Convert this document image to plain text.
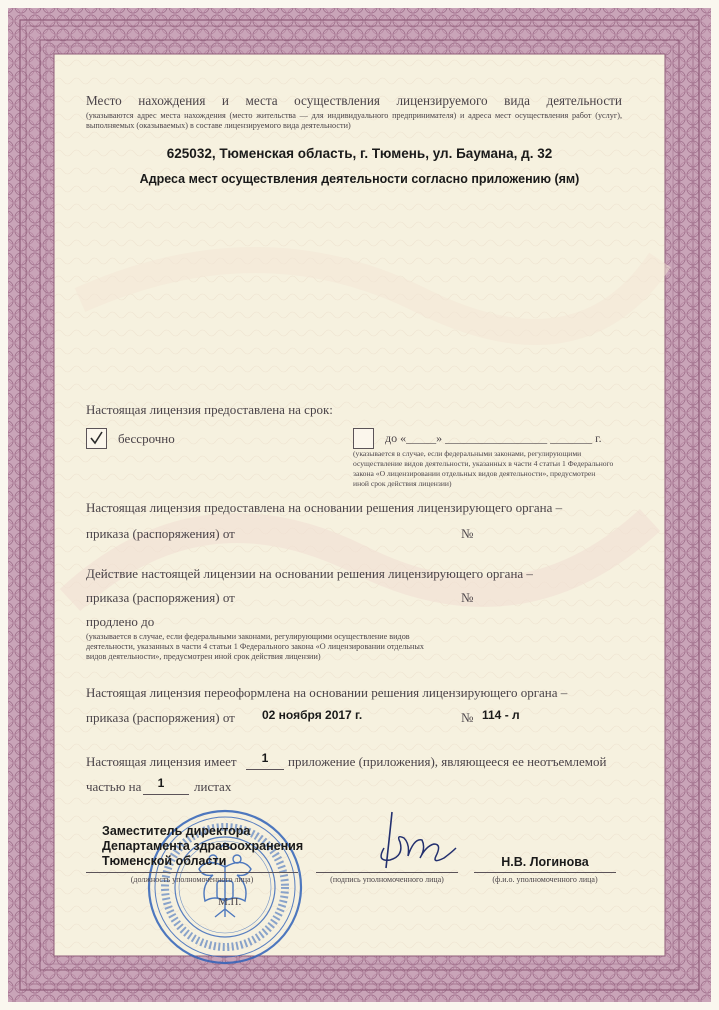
Место нахождения и места осуществления лицензируемого вида деятельности
(указываются адрес места нахождения (место жительства — для индивидуального предпринимателя) и адреса мест осуществления работ (услуг),
выполняемых (оказываемых) в составе лицензируемого вида деятельности)
625032, Тюменская область, г. Тюмень, ул. Баумана, д. 32
Адреса мест осуществления деятельности согласно приложению (ям)
Настоящая лицензия предоставлена на срок:
бессрочно	до «_____» _________________ _______ г.
(указывается в случае, если федеральными законами, регулирующими
осуществление видов деятельности, указанных в части 4 статьи 1 Федерального
закона «О лицензировании отдельных видов деятельности», предусмотрен
иной срок действия лицензии)
Настоящая лицензия предоставлена на основании решения лицензирующего органа –
приказа (распоряжения) от	№
Действие настоящей лицензии на основании решения лицензирующего органа –
приказа (распоряжения) от	№
продлено до
(указывается в случае, если федеральными законами, регулирующими осуществление видов
деятельности, указанных в части 4 статьи 1 Федерального закона «О лицензировании отдельных
видов деятельности», предусмотрен иной срок действия лицензии)
Настоящая лицензия переоформлена на основании решения лицензирующего органа –
приказа (распоряжения) от 02 ноября 2017 г.	№ 114 - л
Настоящая лицензия имеет	1	приложение (приложения), являющееся ее неотъемлемой
частью на	1	листах
Заместитель директора
Департамента здравоохранения
Тюменской области
(должность уполномоченного лица)	(подпись уполномоченного лица)
Н.В. Логинова
(ф.и.о. уполномоченного лица)
М.П.
